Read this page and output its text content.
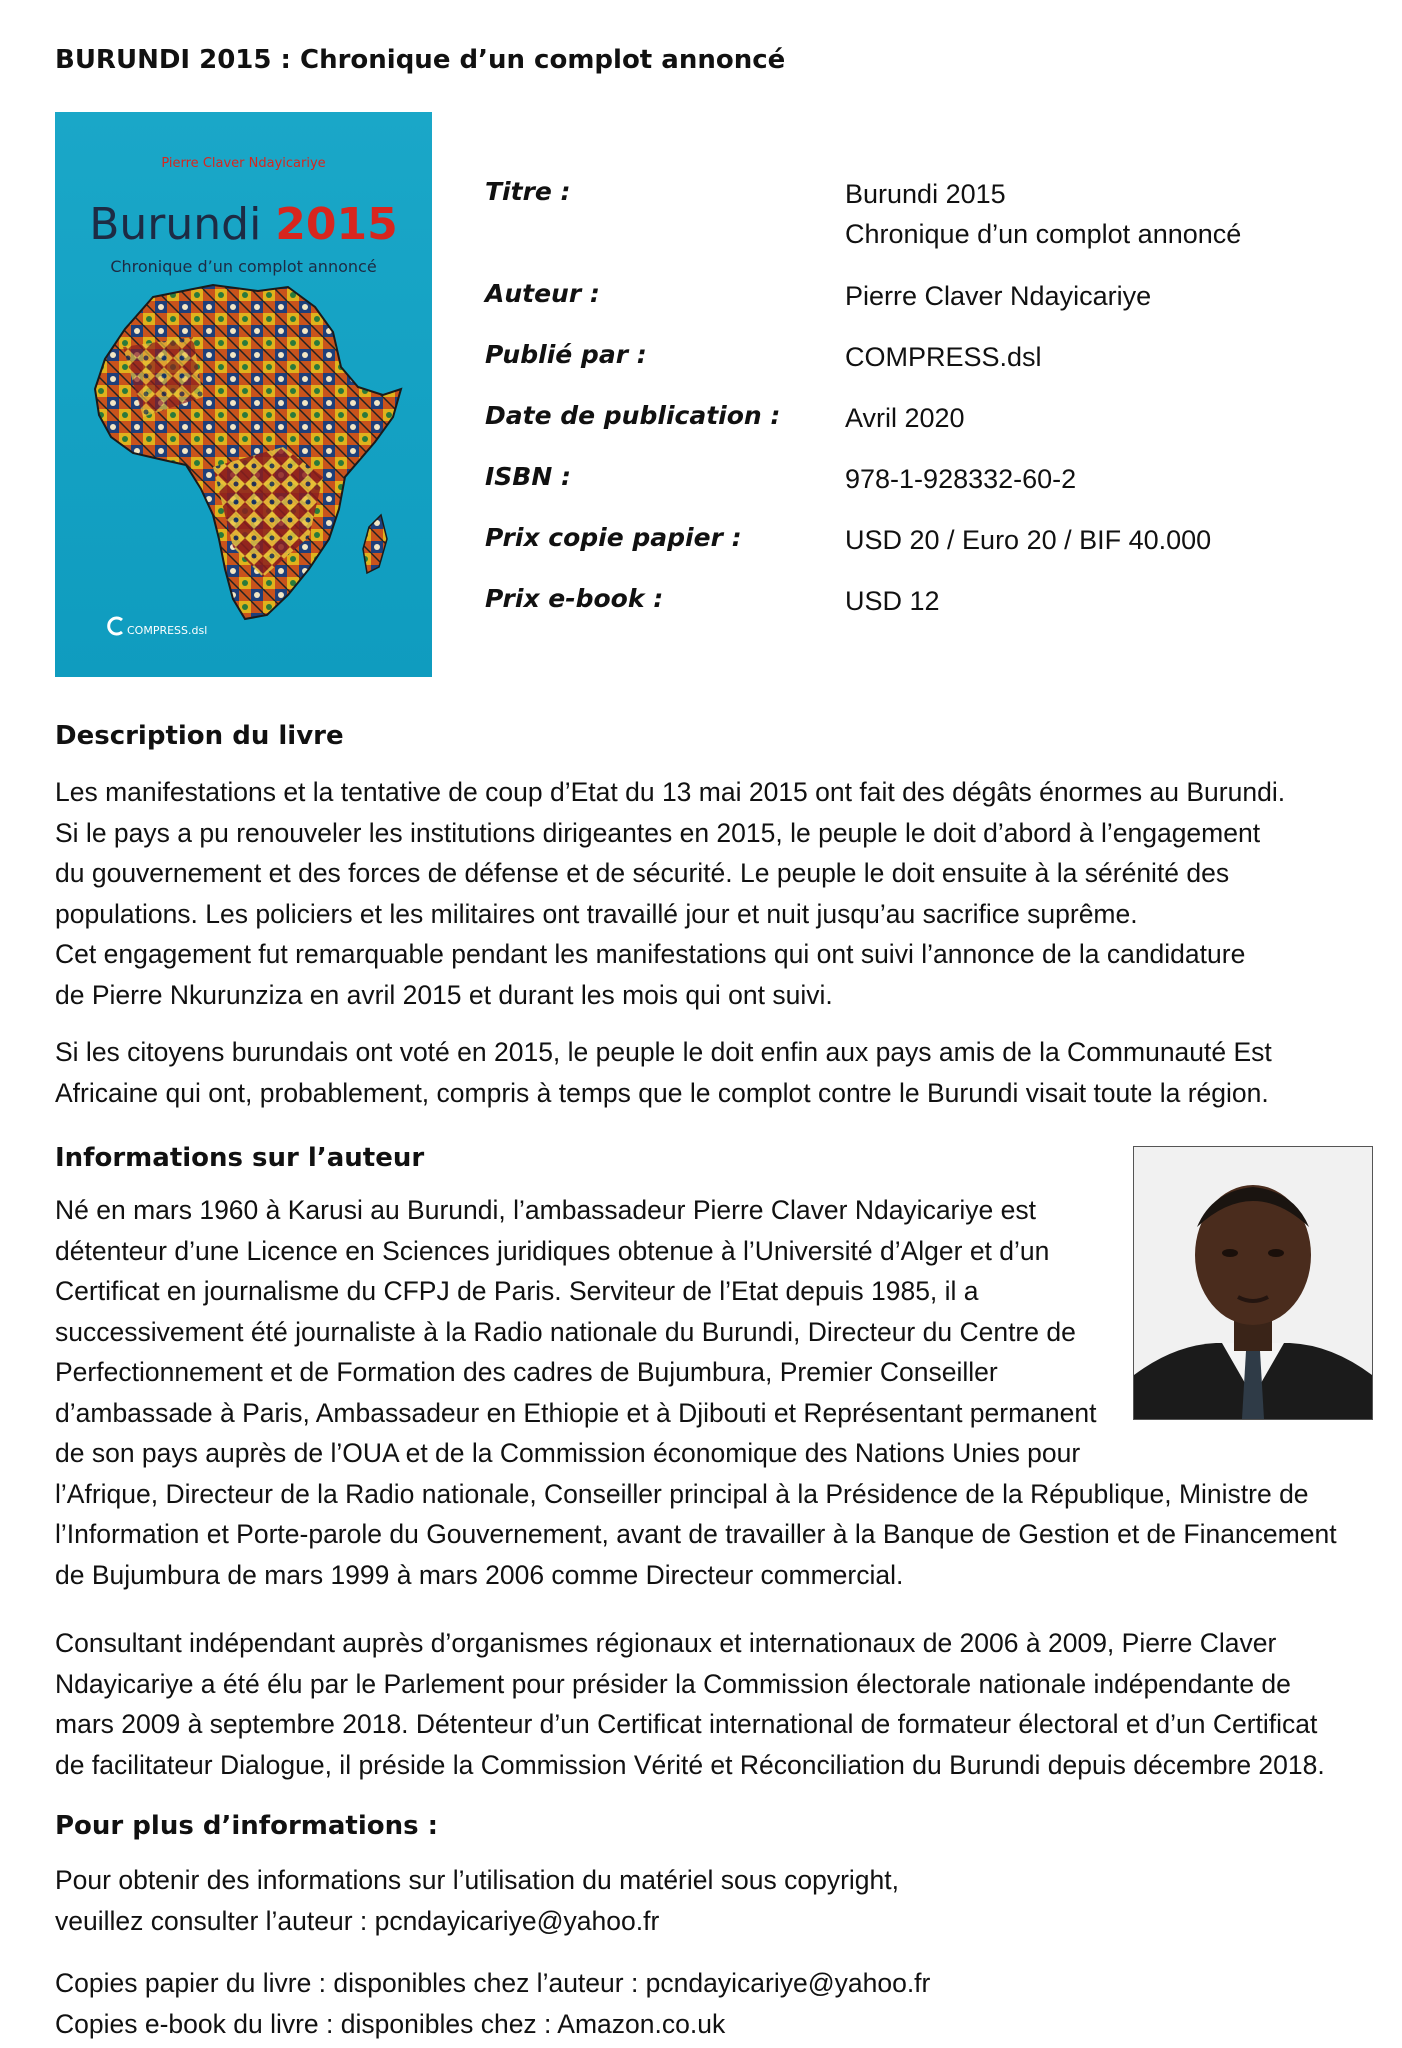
BURUNDI 2015 : Chronique d’un complot annoncé
Pierre Claver Ndayicariye
Burundi 2015
Chronique d’un complot annoncé
COMPRESS.dsl
Titre :	Burundi 2015
Chronique d’un complot annoncé
Auteur :	Pierre Claver Ndayicariye
Publié par :	COMPRESS.dsl
Date de publication : Avril 2020
ISBN :	978-1-928332-60-2
Prix copie papier :	USD 20 / Euro 20 / BIF 40.000
Prix e-book :	USD 12
Description du livre
Les manifestations et la tentative de coup d’Etat du 13 mai 2015 ont fait des dégâts énormes au Burundi.
Si le pays a pu renouveler les institutions dirigeantes en 2015, le peuple le doit d’abord à l’engagement
du gouvernement et des forces de défense et de sécurité. Le peuple le doit ensuite à la sérénité des
populations. Les policiers et les militaires ont travaillé jour et nuit jusqu’au sacrifice suprême.
Cet engagement fut remarquable pendant les manifestations qui ont suivi l’annonce de la candidature
de Pierre Nkurunziza en avril 2015 et durant les mois qui ont suivi.
Si les citoyens burundais ont voté en 2015, le peuple le doit enfin aux pays amis de la Communauté Est
Africaine qui ont, probablement, compris à temps que le complot contre le Burundi visait toute la région.
Informations sur l’auteur
Né en mars 1960 à Karusi au Burundi, l’ambassadeur Pierre Claver Ndayicariye est
détenteur d’une Licence en Sciences juridiques obtenue à l’Université d’Alger et d’un
Certificat en journalisme du CFPJ de Paris. Serviteur de l’Etat depuis 1985, il a
successivement été journaliste à la Radio nationale du Burundi, Directeur du Centre de
Perfectionnement et de Formation des cadres de Bujumbura, Premier Conseiller
d’ambassade à Paris, Ambassadeur en Ethiopie et à Djibouti et Représentant permanent
de son pays auprès de l’OUA et de la Commission économique des Nations Unies pour
l’Afrique, Directeur de la Radio nationale, Conseiller principal à la Présidence de la République, Ministre de
l’Information et Porte-parole du Gouvernement, avant de travailler à la Banque de Gestion et de Financement
de Bujumbura de mars 1999 à mars 2006 comme Directeur commercial.
Consultant indépendant auprès d’organismes régionaux et internationaux de 2006 à 2009, Pierre Claver
Ndayicariye a été élu par le Parlement pour présider la Commission électorale nationale indépendante de
mars 2009 à septembre 2018. Détenteur d’un Certificat international de formateur électoral et d’un Certificat
de facilitateur Dialogue, il préside la Commission Vérité et Réconciliation du Burundi depuis décembre 2018.
Pour plus d’informations :
Pour obtenir des informations sur l’utilisation du matériel sous copyright,
veuillez consulter l’auteur : pcndayicariye@yahoo.fr
Copies papier du livre : disponibles chez l’auteur : pcndayicariye@yahoo.fr
Copies e-book du livre : disponibles chez : Amazon.co.uk
